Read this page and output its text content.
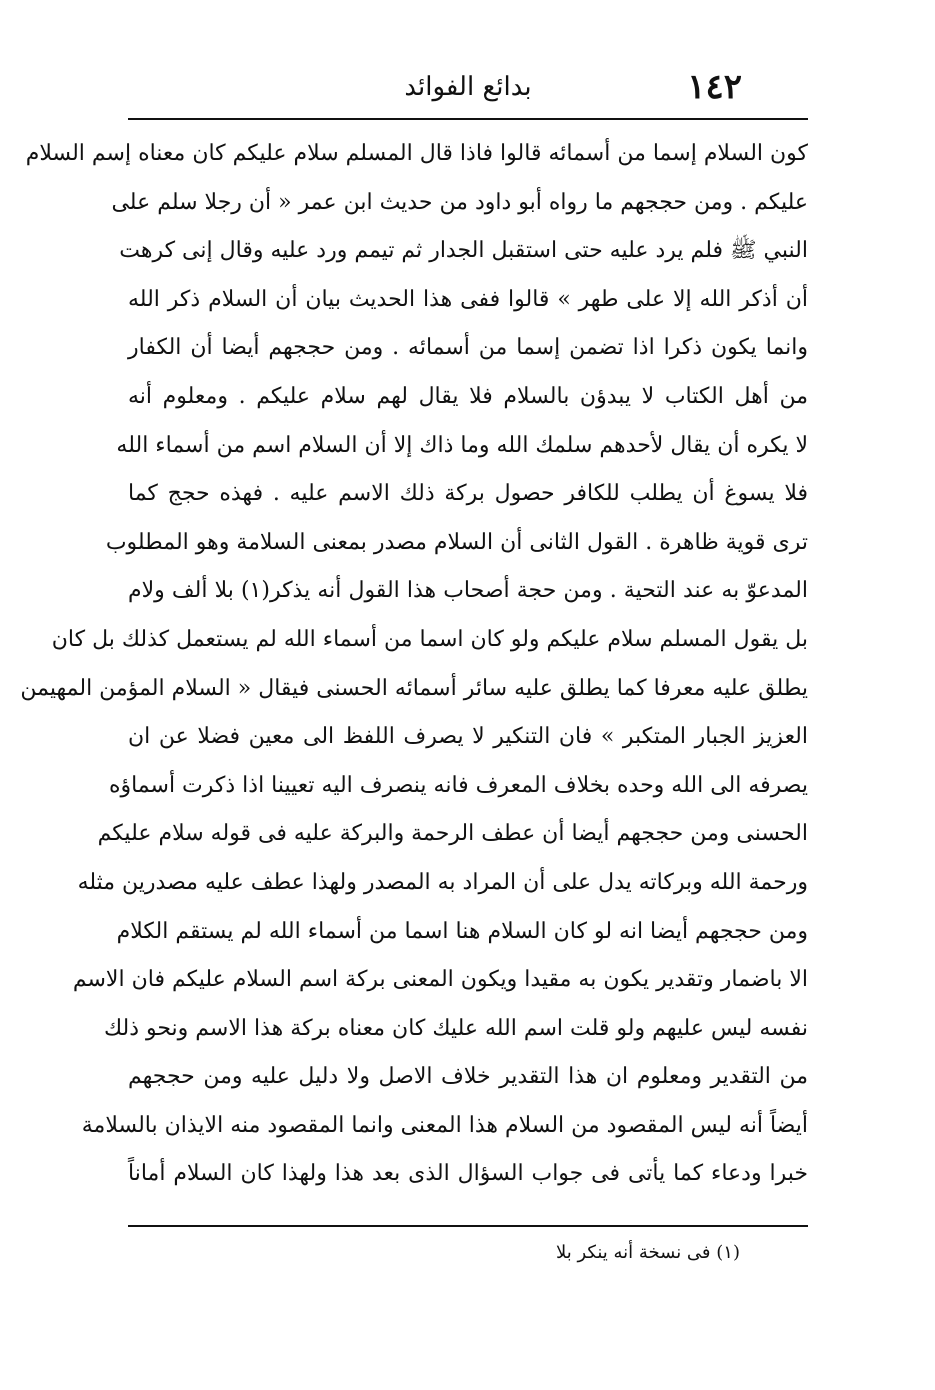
١٤٢
بدائع الفوائد
كون السلام إسما من أسمائه قالوا فاذا قال المسلم سلام عليكم كان معناه إسم السلام
عليكم . ومن حججهم ما رواه أبو داود من حديث ابن عمر « أن رجلا سلم على
النبي ﷺ فلم يرد عليه حتى استقبل الجدار ثم تيمم ورد عليه وقال إنى كرهت
أن أذكر الله إلا على طهر » قالوا ففى هذا الحديث بيان أن السلام ذكر الله
وانما يكون ذكرا اذا تضمن إسما من أسمائه . ومن حججهم أيضا أن الكفار
من أهل الكتاب لا يبدؤن بالسلام فلا يقال لهم سلام عليكم . ومعلوم أنه
لا يكره أن يقال لأحدهم سلمك الله وما ذاك إلا أن السلام اسم من أسماء الله
فلا يسوغ أن يطلب للكافر حصول بركة ذلك الاسم عليه . فهذه حجج كما
ترى قوية ظاهرة . القول الثانى أن السلام مصدر بمعنى السلامة وهو المطلوب
المدعوّ به عند التحية . ومن حجة أصحاب هذا القول أنه يذكر(١) بلا ألف ولام
بل يقول المسلم سلام عليكم ولو كان اسما من أسماء الله لم يستعمل كذلك بل كان
يطلق عليه معرفا كما يطلق عليه سائر أسمائه الحسنى فيقال « السلام المؤمن المهيمن
العزيز الجبار المتكبر » فان التنكير لا يصرف اللفظ الى معين فضلا عن ان
يصرفه الى الله وحده بخلاف المعرف فانه ينصرف اليه تعيينا اذا ذكرت أسماؤه
الحسنى ومن حججهم أيضا أن عطف الرحمة والبركة عليه فى قوله سلام عليكم
ورحمة الله وبركاته يدل على أن المراد به المصدر ولهذا عطف عليه مصدرين مثله
ومن حججهم أيضا انه لو كان السلام هنا اسما من أسماء الله لم يستقم الكلام
الا باضمار وتقدير يكون به مقيدا ويكون المعنى بركة اسم السلام عليكم فان الاسم
نفسه ليس عليهم ولو قلت اسم الله عليك كان معناه بركة هذا الاسم ونحو ذلك
من التقدير ومعلوم ان هذا التقدير خلاف الاصل ولا دليل عليه ومن حججهم
أيضاً أنه ليس المقصود من السلام هذا المعنى وانما المقصود منه الايذان بالسلامة
خبرا ودعاء كما يأتى فى جواب السؤال الذى بعد هذا ولهذا كان السلام أماناً
(١) فى نسخة أنه ينكر بلا
